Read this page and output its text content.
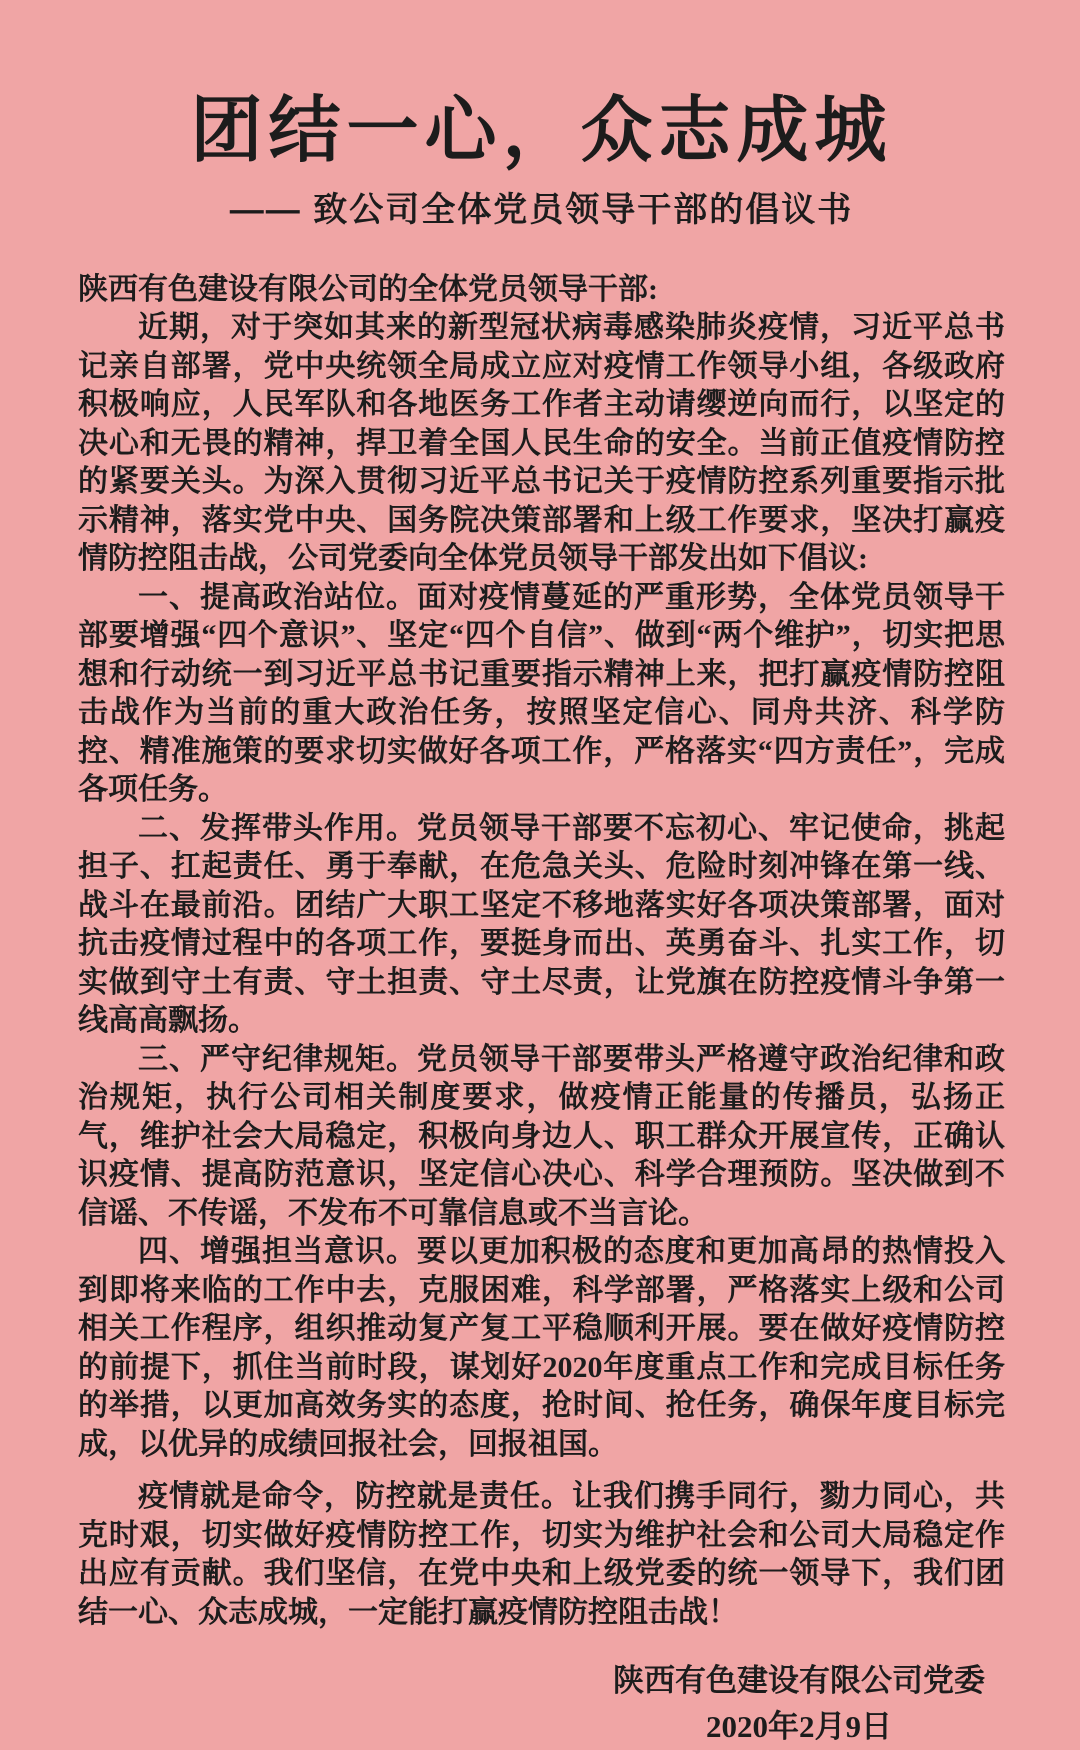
团结一心，众志成城
—— 致公司全体党员领导干部的倡议书

陕西有色建设有限公司的全体党员领导干部:

近期，对于突如其来的新型冠状病毒感染肺炎疫情，习近平总书记亲自部署，党中央统领全局成立应对疫情工作领导小组，各级政府积极响应，人民军队和各地医务工作者主动请缨逆向而行，以坚定的决心和无畏的精神，捍卫着全国人民生命的安全。当前正值疫情防控的紧要关头。为深入贯彻习近平总书记关于疫情防控系列重要指示批示精神，落实党中央、国务院决策部署和上级工作要求，坚决打赢疫情防控阻击战，公司党委向全体党员领导干部发出如下倡议:

一、提高政治站位。面对疫情蔓延的严重形势，全体党员领导干部要增强“四个意识”、坚定“四个自信”、做到“两个维护”，切实把思想和行动统一到习近平总书记重要指示精神上来，把打赢疫情防控阻击战作为当前的重大政治任务，按照坚定信心、同舟共济、科学防控、精准施策的要求切实做好各项工作，严格落实“四方责任”，完成各项任务。

二、发挥带头作用。党员领导干部要不忘初心、牢记使命，挑起担子、扛起责任、勇于奉献，在危急关头、危险时刻冲锋在第一线、战斗在最前沿。团结广大职工坚定不移地落实好各项决策部署，面对抗击疫情过程中的各项工作，要挺身而出、英勇奋斗、扎实工作，切实做到守土有责、守土担责、守土尽责，让党旗在防控疫情斗争第一线高高飘扬。

三、严守纪律规矩。党员领导干部要带头严格遵守政治纪律和政治规矩，执行公司相关制度要求，做疫情正能量的传播员，弘扬正气，维护社会大局稳定，积极向身边人、职工群众开展宣传，正确认识疫情、提高防范意识，坚定信心决心、科学合理预防。坚决做到不信谣、不传谣，不发布不可靠信息或不当言论。

四、增强担当意识。要以更加积极的态度和更加高昂的热情投入到即将来临的工作中去，克服困难，科学部署，严格落实上级和公司相关工作程序，组织推动复产复工平稳顺利开展。要在做好疫情防控的前提下，抓住当前时段，谋划好2020年度重点工作和完成目标任务的举措，以更加高效务实的态度，抢时间、抢任务，确保年度目标完成，以优异的成绩回报社会，回报祖国。

疫情就是命令，防控就是责任。让我们携手同行，勠力同心，共克时艰，切实做好疫情防控工作，切实为维护社会和公司大局稳定作出应有贡献。我们坚信，在党中央和上级党委的统一领导下，我们团结一心、众志成城，一定能打赢疫情防控阻击战！

陕西有色建设有限公司党委
2020年2月9日
